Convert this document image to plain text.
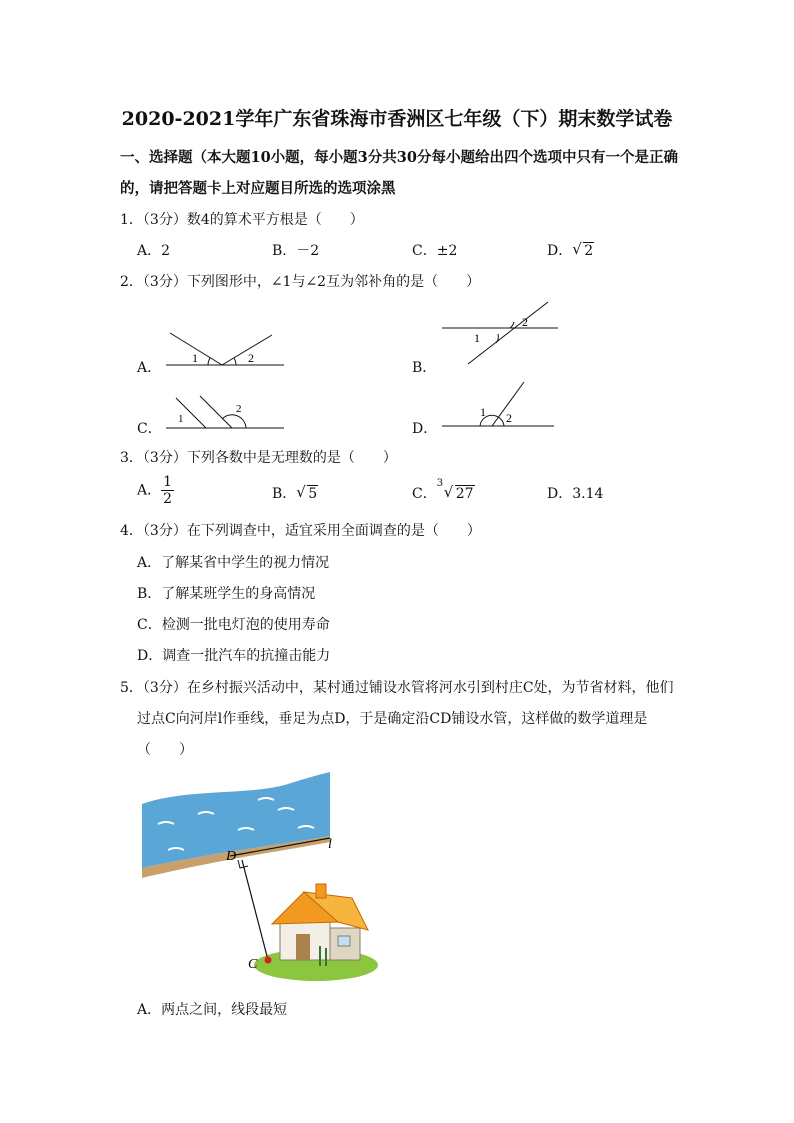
2020-2021学年广东省珠海市香洲区七年级（下）期末数学试卷
一、选择题（本大题10小题，每小题3分共30分每小题给出四个选项中只有一个是正确
的，请把答题卡上对应题目所选的选项涂黑
1．（3分）数4的算术平方根是（　　）
A．2	B．－2	C．±2	D． √ 2
2．（3分）下列图形中，∠1与∠2互为邻补角的是（　　）
A．
1	2
B．
1
2
C．
1
2
D．
1 2
3．（3分）下列各数中是无理数的是（　　）
A． $\frac{1}{2}$	B． √ 5	C．
3 √ 27	D．3.14
4．（3分）在下列调查中，适宜采用全面调查的是（　　）
A．了解某省中学生的视力情况
B．了解某班学生的身高情况
C．检测一批电灯泡的使用寿命
D．调查一批汽车的抗撞击能力
5．（3分）在乡村振兴活动中，某村通过铺设水管将河水引到村庄C处，为节省材料，他们
过点C向河岸l作垂线，垂足为点D，于是确定沿CD铺设水管，这样做的数学道理是
（　　）
D
l
C
A．两点之间，线段最短
